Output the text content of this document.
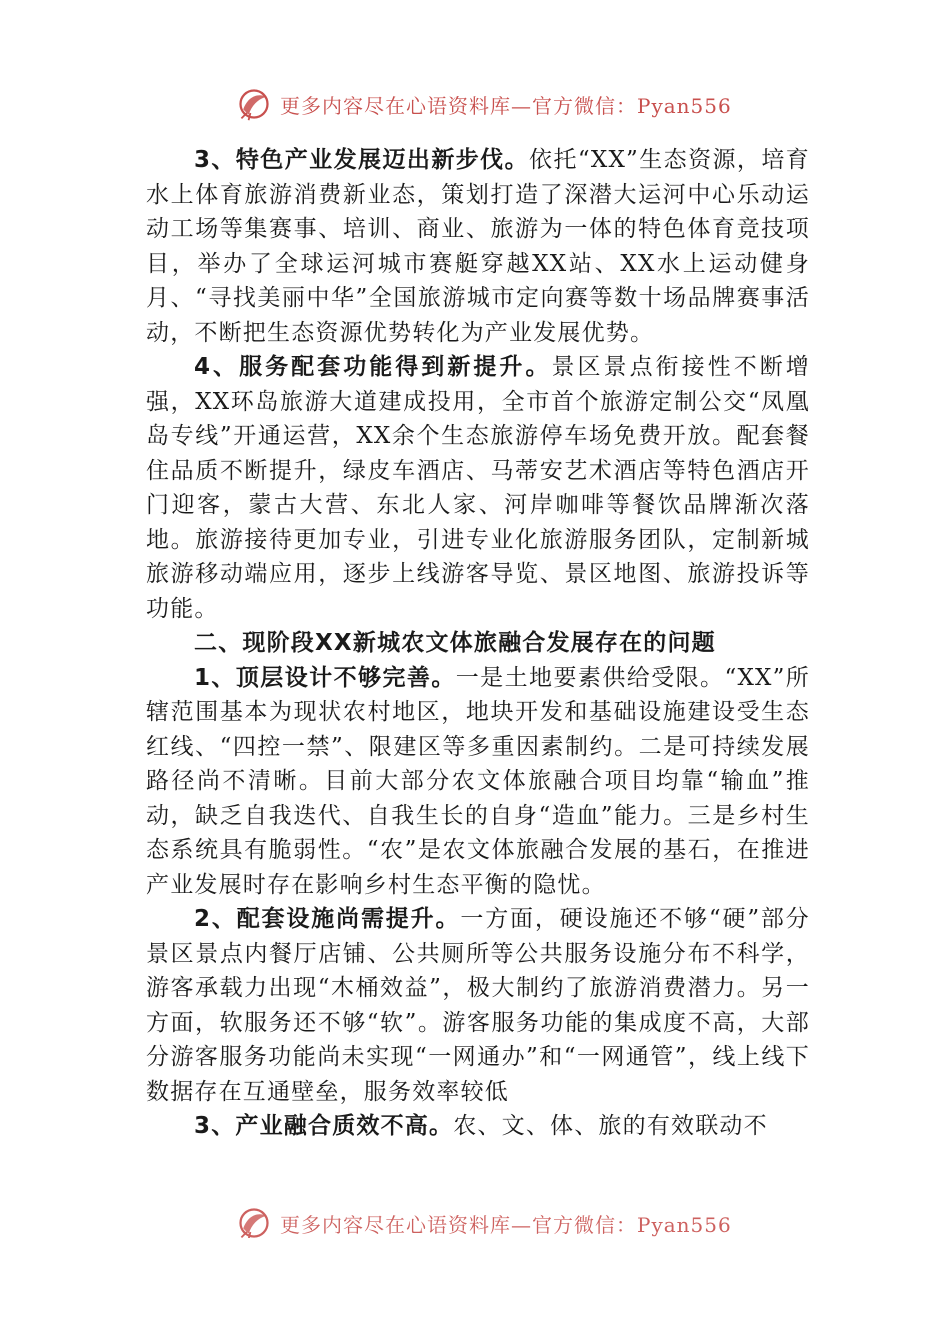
更多内容尽在心语资料库—官方微信：Pyan556

3、特色产业发展迈出新步伐。依托“XX”生态资源，培育水上体育旅游消费新业态，策划打造了深潜大运河中心乐动运动工场等集赛事、培训、商业、旅游为一体的特色体育竞技项目，举办了全球运河城市赛艇穿越XX站、XX水上运动健身月、“寻找美丽中华”全国旅游城市定向赛等数十场品牌赛事活动，不断把生态资源优势转化为产业发展优势。

4、服务配套功能得到新提升。景区景点衔接性不断增强，XX环岛旅游大道建成投用，全市首个旅游定制公交“凤凰岛专线”开通运营，XX余个生态旅游停车场免费开放。配套餐住品质不断提升，绿皮车酒店、马蒂安艺术酒店等特色酒店开门迎客，蒙古大营、东北人家、河岸咖啡等餐饮品牌渐次落地。旅游接待更加专业，引进专业化旅游服务团队，定制新城旅游移动端应用，逐步上线游客导览、景区地图、旅游投诉等功能。

二、现阶段XX新城农文体旅融合发展存在的问题

1、顶层设计不够完善。一是土地要素供给受限。“XX”所辖范围基本为现状农村地区，地块开发和基础设施建设受生态红线、“四控一禁”、限建区等多重因素制约。二是可持续发展路径尚不清晰。目前大部分农文体旅融合项目均靠“输血”推动，缺乏自我迭代、自我生长的自身“造血”能力。三是乡村生态系统具有脆弱性。“农”是农文体旅融合发展的基石，在推进产业发展时存在影响乡村生态平衡的隐忧。

2、配套设施尚需提升。一方面，硬设施还不够“硬”部分景区景点内餐厅店铺、公共厕所等公共服务设施分布不科学，游客承载力出现“木桶效益”，极大制约了旅游消费潜力。另一方面，软服务还不够“软”。游客服务功能的集成度不高，大部分游客服务功能尚未实现“一网通办”和“一网通管”，线上线下数据存在互通壁垒，服务效率较低

3、产业融合质效不高。农、文、体、旅的有效联动不

更多内容尽在心语资料库—官方微信：Pyan556
